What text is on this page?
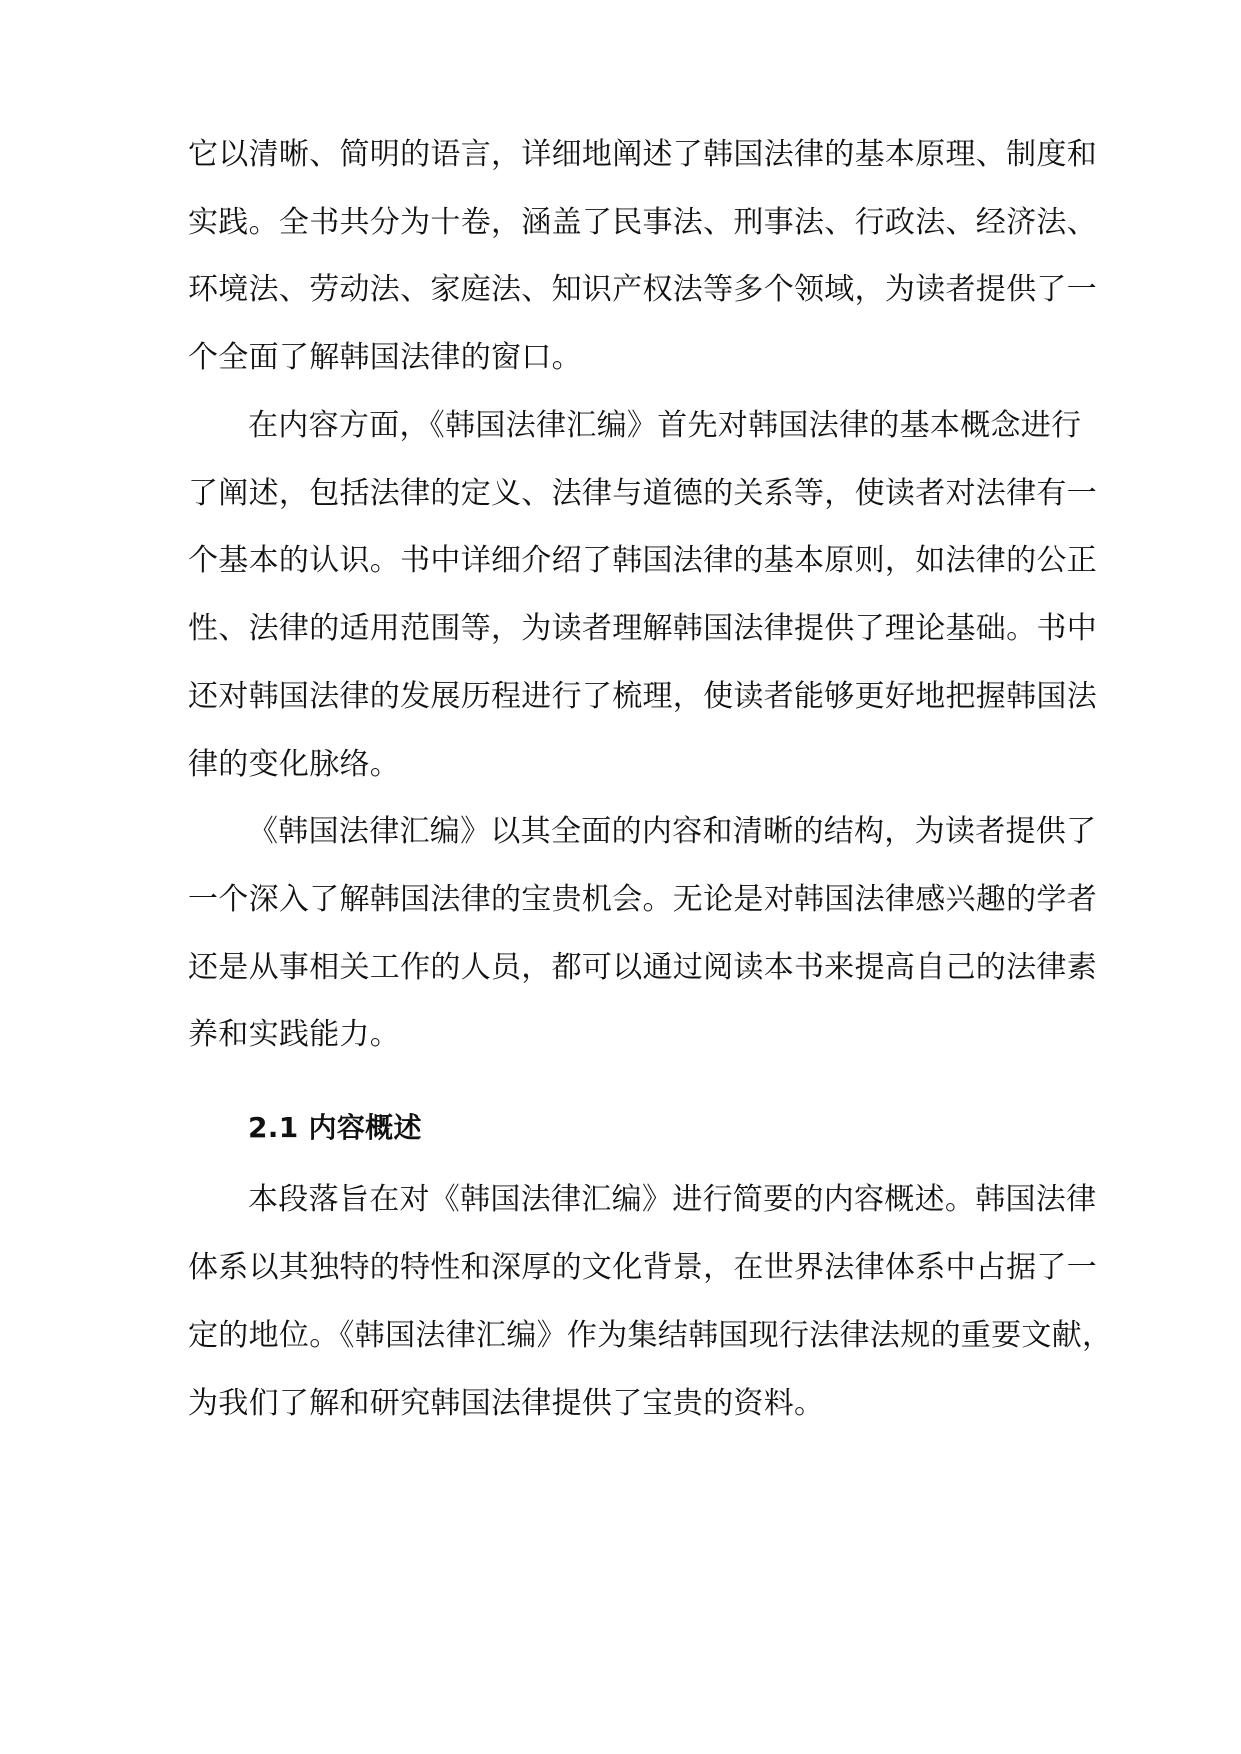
它以清晰、简明的语言，详细地阐述了韩国法律的基本原理、制度和
实践。全书共分为十卷，涵盖了民事法、刑事法、行政法、经济法、
环境法、劳动法、家庭法、知识产权法等多个领域，为读者提供了一
个全面了解韩国法律的窗口。
在内容方面，《韩国法律汇编》首先对韩国法律的基本概念进行
了阐述，包括法律的定义、法律与道德的关系等，使读者对法律有一
个基本的认识。书中详细介绍了韩国法律的基本原则，如法律的公正
性、法律的适用范围等，为读者理解韩国法律提供了理论基础。书中
还对韩国法律的发展历程进行了梳理，使读者能够更好地把握韩国法
律的变化脉络。
《韩国法律汇编》以其全面的内容和清晰的结构，为读者提供了
一个深入了解韩国法律的宝贵机会。无论是对韩国法律感兴趣的学者
还是从事相关工作的人员，都可以通过阅读本书来提高自己的法律素
养和实践能力。
2.1 内容概述
本段落旨在对《韩国法律汇编》进行简要的内容概述。韩国法律
体系以其独特的特性和深厚的文化背景，在世界法律体系中占据了一
定的地位。《韩国法律汇编》作为集结韩国现行法律法规的重要文献，
为我们了解和研究韩国法律提供了宝贵的资料。
